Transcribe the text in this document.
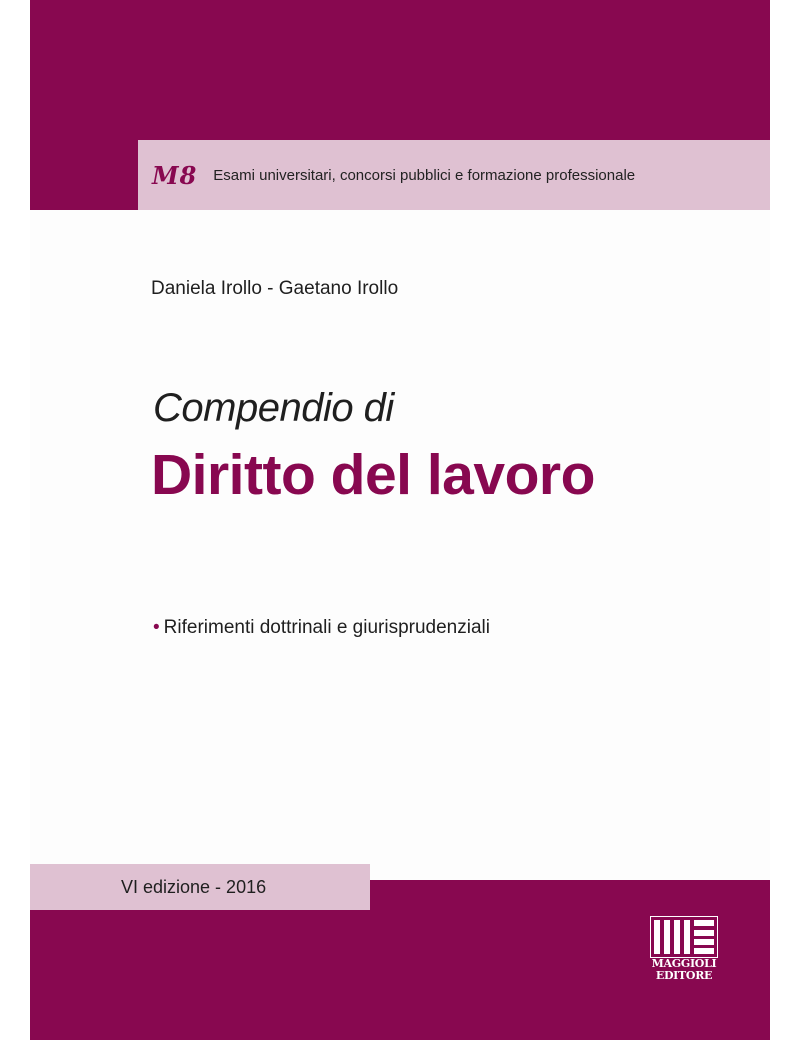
M8 Esami universitari, concorsi pubblici e formazione professionale
Daniela Irollo - Gaetano Irollo
Compendio di
Diritto del lavoro
• Riferimenti dottrinali e giurisprudenziali
VI edizione - 2016
MAGGIOLI
EDITORE
